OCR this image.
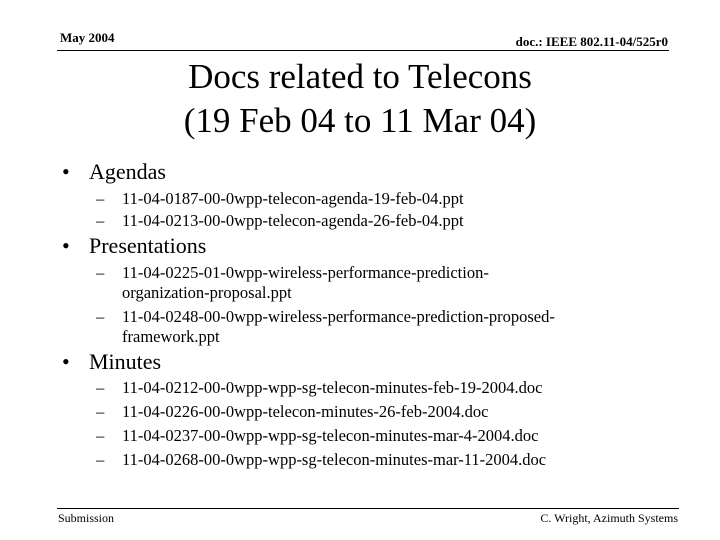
May 2004	doc.: IEEE 802.11-04/525r0
Docs related to Telecons
(19 Feb 04 to 11 Mar 04)
• Agendas
– 11-04-0187-00-0wpp-telecon-agenda-19-feb-04.ppt
– 11-04-0213-00-0wpp-telecon-agenda-26-feb-04.ppt
• Presentations
– 11-04-0225-01-0wpp-wireless-performance-prediction-
organization-proposal.ppt
– 11-04-0248-00-0wpp-wireless-performance-prediction-proposed-
framework.ppt
• Minutes
– 11-04-0212-00-0wpp-wpp-sg-telecon-minutes-feb-19-2004.doc
– 11-04-0226-00-0wpp-telecon-minutes-26-feb-2004.doc
– 11-04-0237-00-0wpp-wpp-sg-telecon-minutes-mar-4-2004.doc
– 11-04-0268-00-0wpp-wpp-sg-telecon-minutes-mar-11-2004.doc
Submission	C. Wright, Azimuth Systems
